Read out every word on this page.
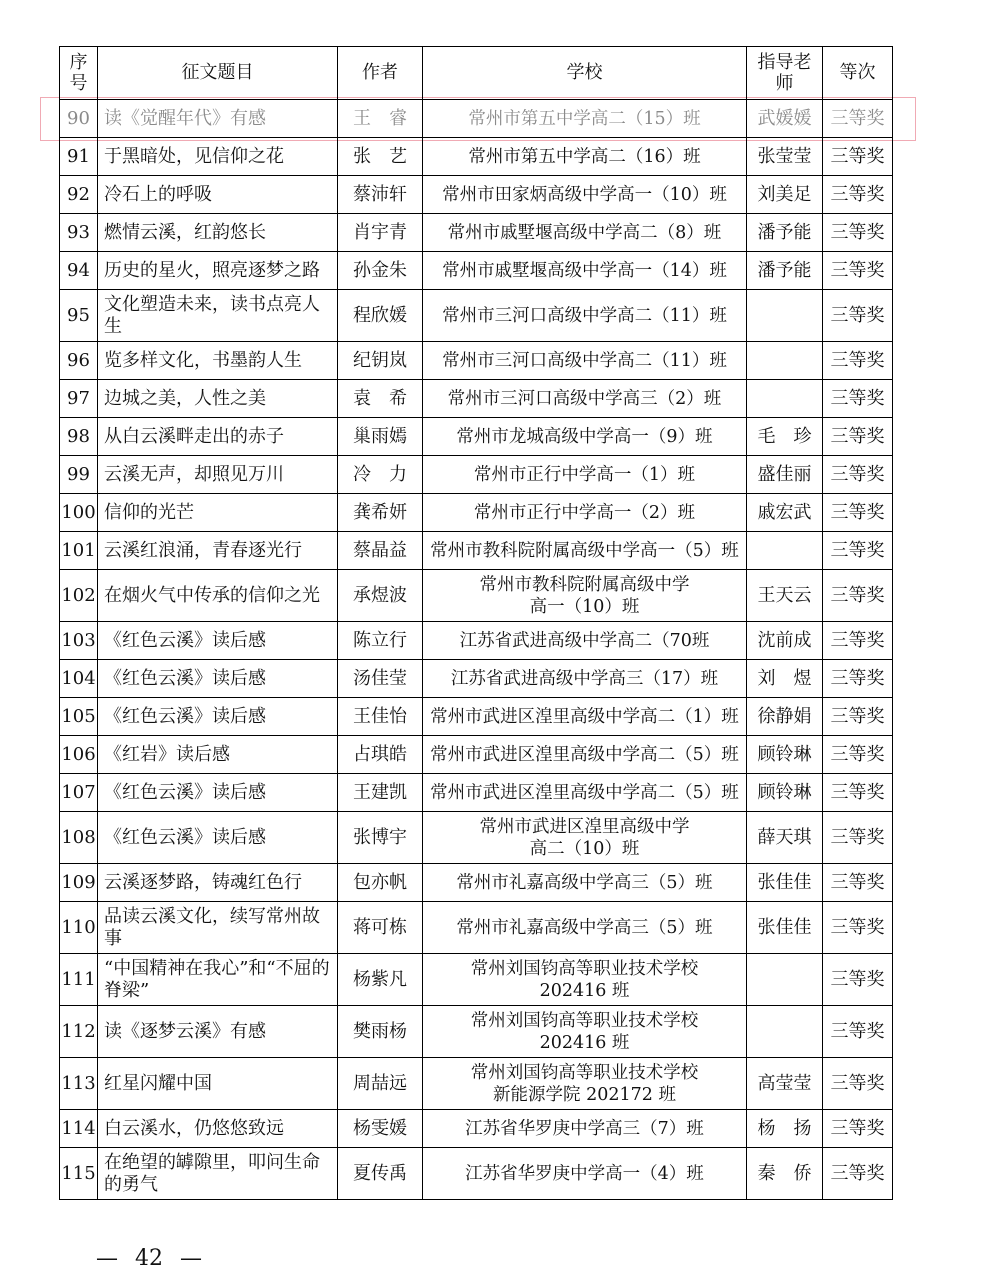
序号	征文题目	作者	学校	指导老师	等次
90	读《觉醒年代》有感	王　睿	常州市第五中学高二（15）班	武媛媛	三等奖
91	于黑暗处，见信仰之花	张　艺	常州市第五中学高二（16）班	张莹莹	三等奖
92	冷石上的呼吸	蔡沛轩	常州市田家炳高级中学高一（10）班	刘美足	三等奖
93	燃情云溪，红韵悠长	肖宇青	常州市戚墅堰高级中学高二（8）班	潘予能	三等奖
94	历史的星火，照亮逐梦之路	孙金朱	常州市戚墅堰高级中学高一（14）班	潘予能	三等奖
95	文化塑造未来，读书点亮人生	程欣媛	常州市三河口高级中学高二（11）班		三等奖
96	览多样文化，书墨韵人生	纪钥岚	常州市三河口高级中学高二（11）班		三等奖
97	边城之美，人性之美	袁　希	常州市三河口高级中学高三（2）班		三等奖
98	从白云溪畔走出的赤子	巢雨嫣	常州市龙城高级中学高一（9）班	毛　珍	三等奖
99	云溪无声，却照见万川	冷　力	常州市正行中学高一（1）班	盛佳丽	三等奖
100	信仰的光芒	龚希妍	常州市正行中学高一（2）班	戚宏武	三等奖
101	云溪红浪涌，青春逐光行	蔡晶益	常州市教科院附属高级中学高一（5）班		三等奖
102	在烟火气中传承的信仰之光	承煜波	常州市教科院附属高级中学
高一（10）班	王天云	三等奖
103	《红色云溪》读后感	陈立行	江苏省武进高级中学高二（70班	沈前成	三等奖
104	《红色云溪》读后感	汤佳莹	江苏省武进高级中学高三（17）班	刘　煜	三等奖
105	《红色云溪》读后感	王佳怡	常州市武进区湟里高级中学高二（1）班	徐静娟	三等奖
106	《红岩》读后感	占琪皓	常州市武进区湟里高级中学高二（5）班	顾铃琳	三等奖
107	《红色云溪》读后感	王建凯	常州市武进区湟里高级中学高二（5）班	顾铃琳	三等奖
108	《红色云溪》读后感	张博宇	常州市武进区湟里高级中学
高二（10）班	薛天琪	三等奖
109	云溪逐梦路，铸魂红色行	包亦帆	常州市礼嘉高级中学高三（5）班	张佳佳	三等奖
110	品读云溪文化，续写常州故事	蒋可栋	常州市礼嘉高级中学高三（5）班	张佳佳	三等奖
111	“中国精神在我心”和“不屈的脊梁”	杨紫凡	常州刘国钧高等职业技术学校
202416 班		三等奖
112	读《逐梦云溪》有感	樊雨杨	常州刘国钧高等职业技术学校
202416 班		三等奖
113	红星闪耀中国	周喆远	常州刘国钧高等职业技术学校
新能源学院 202172 班	高莹莹	三等奖
114	白云溪水，仍悠悠致远	杨雯媛	江苏省华罗庚中学高三（7）班	杨　扬	三等奖
115	在绝望的罅隙里，叩问生命的勇气	夏传禹	江苏省华罗庚中学高一（4）班	秦　侨	三等奖
— 42 —
